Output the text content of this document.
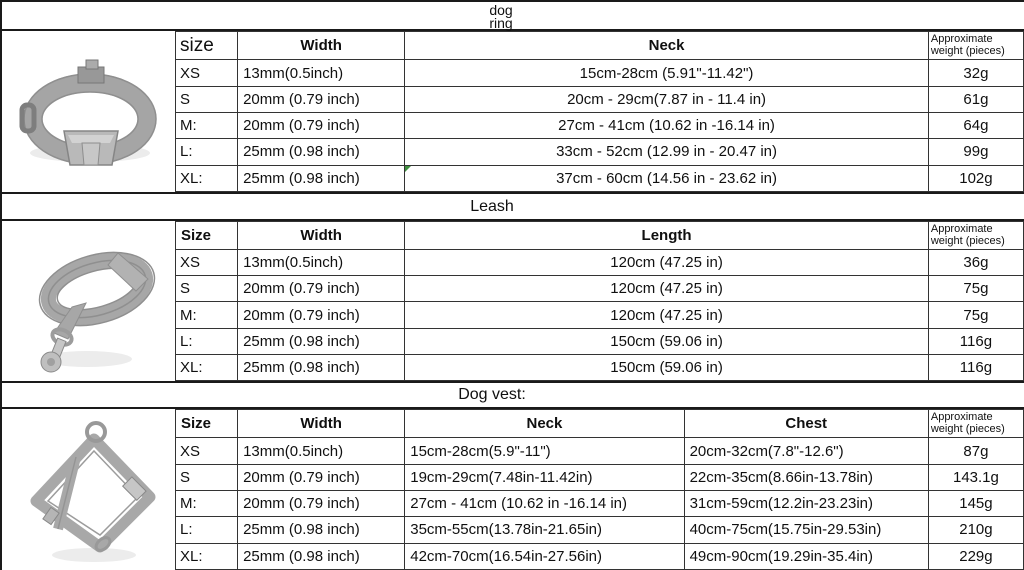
dog
ring
size	Width	Neck	Approximate
weight (pieces)
XS	13mm(0.5inch)	15cm-28cm (5.91"-11.42")	32g
S	20mm (0.79 inch)	20cm - 29cm(7.87 in - 11.4 in)	61g
M:	20mm (0.79 inch)	27cm - 41cm (10.62 in -16.14 in)	64g
L:	25mm (0.98 inch)	33cm - 52cm (12.99 in - 20.47 in)	99g
XL:	25mm (0.98 inch)	37cm - 60cm (14.56 in - 23.62 in)	102g
Leash
Size	Width	Length	Approximate
weight (pieces)
XS	13mm(0.5inch)	120cm (47.25 in)	36g
S	20mm (0.79 inch)	120cm (47.25 in)	75g
M:	20mm (0.79 inch)	120cm (47.25 in)	75g
L:	25mm (0.98 inch)	150cm (59.06 in)	116g
XL:	25mm (0.98 inch)	150cm (59.06 in)	116g
Dog vest:
Size	Width	Neck	Chest	Approximate
weight (pieces)
XS	13mm(0.5inch)	15cm-28cm(5.9"-11")	20cm-32cm(7.8"-12.6")	87g
S	20mm (0.79 inch)	19cm-29cm(7.48in-11.42in)	22cm-35cm(8.66in-13.78in)	143.1g
M:	20mm (0.79 inch)	27cm - 41cm (10.62 in -16.14 in)	31cm-59cm(12.2in-23.23in)	145g
L:	25mm (0.98 inch)	35cm-55cm(13.78in-21.65in)	40cm-75cm(15.75in-29.53in)	210g
XL:	25mm (0.98 inch)	42cm-70cm(16.54in-27.56in)	49cm-90cm(19.29in-35.4in)	229g
